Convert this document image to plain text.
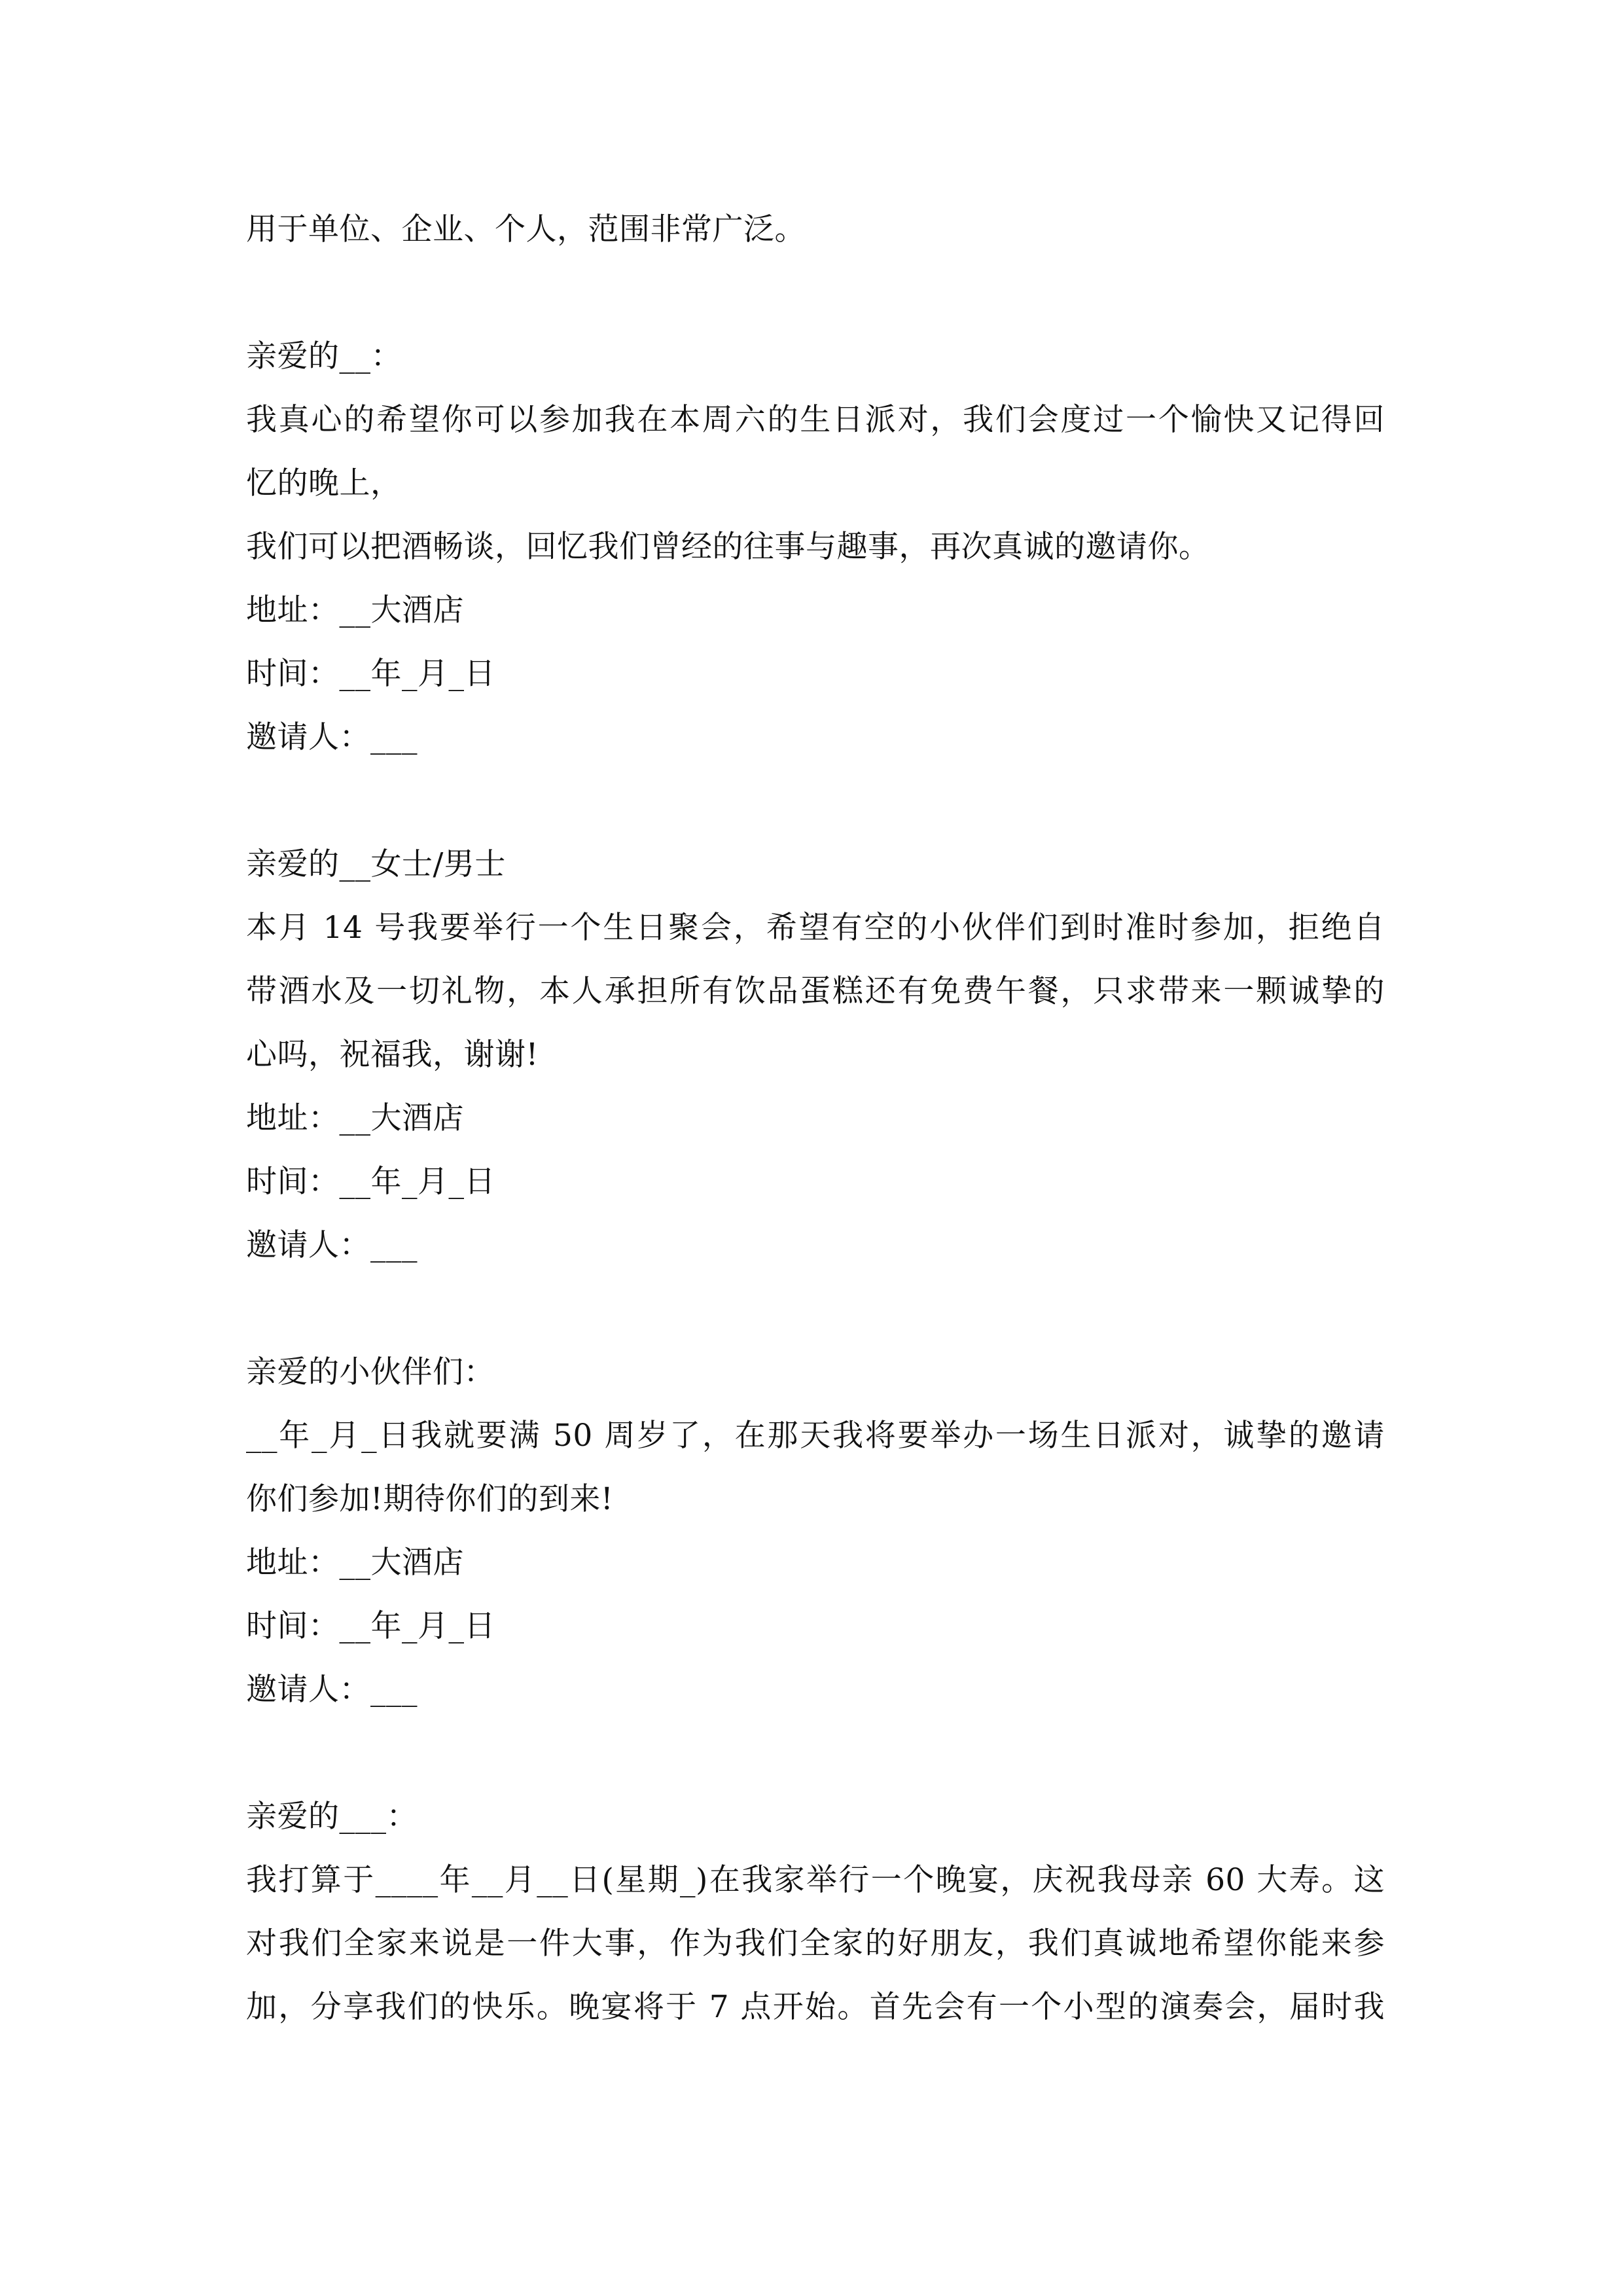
用于单位、企业、个人，范围非常广泛。
亲爱的__：
我真心的希望你可以参加我在本周六的生日派对，我们会度过一个愉快又记得回
忆的晚上，
我们可以把酒畅谈，回忆我们曾经的往事与趣事，再次真诚的邀请你。
地址：__大酒店
时间：__年_月_日
邀请人：___
亲爱的__女士/男士
本月 14 号我要举行一个生日聚会，希望有空的小伙伴们到时准时参加，拒绝自
带酒水及一切礼物，本人承担所有饮品蛋糕还有免费午餐，只求带来一颗诚挚的
心吗，祝福我，谢谢!
地址：__大酒店
时间：__年_月_日
邀请人：___
亲爱的小伙伴们：
__年_月_日我就要满 50 周岁了，在那天我将要举办一场生日派对，诚挚的邀请
你们参加!期待你们的到来!
地址：__大酒店
时间：__年_月_日
邀请人：___
亲爱的___：
我打算于____年__月__日(星期_)在我家举行一个晚宴，庆祝我母亲 60 大寿。这
对我们全家来说是一件大事，作为我们全家的好朋友，我们真诚地希望你能来参
加，分享我们的快乐。晚宴将于 7 点开始。首先会有一个小型的演奏会，届时我
